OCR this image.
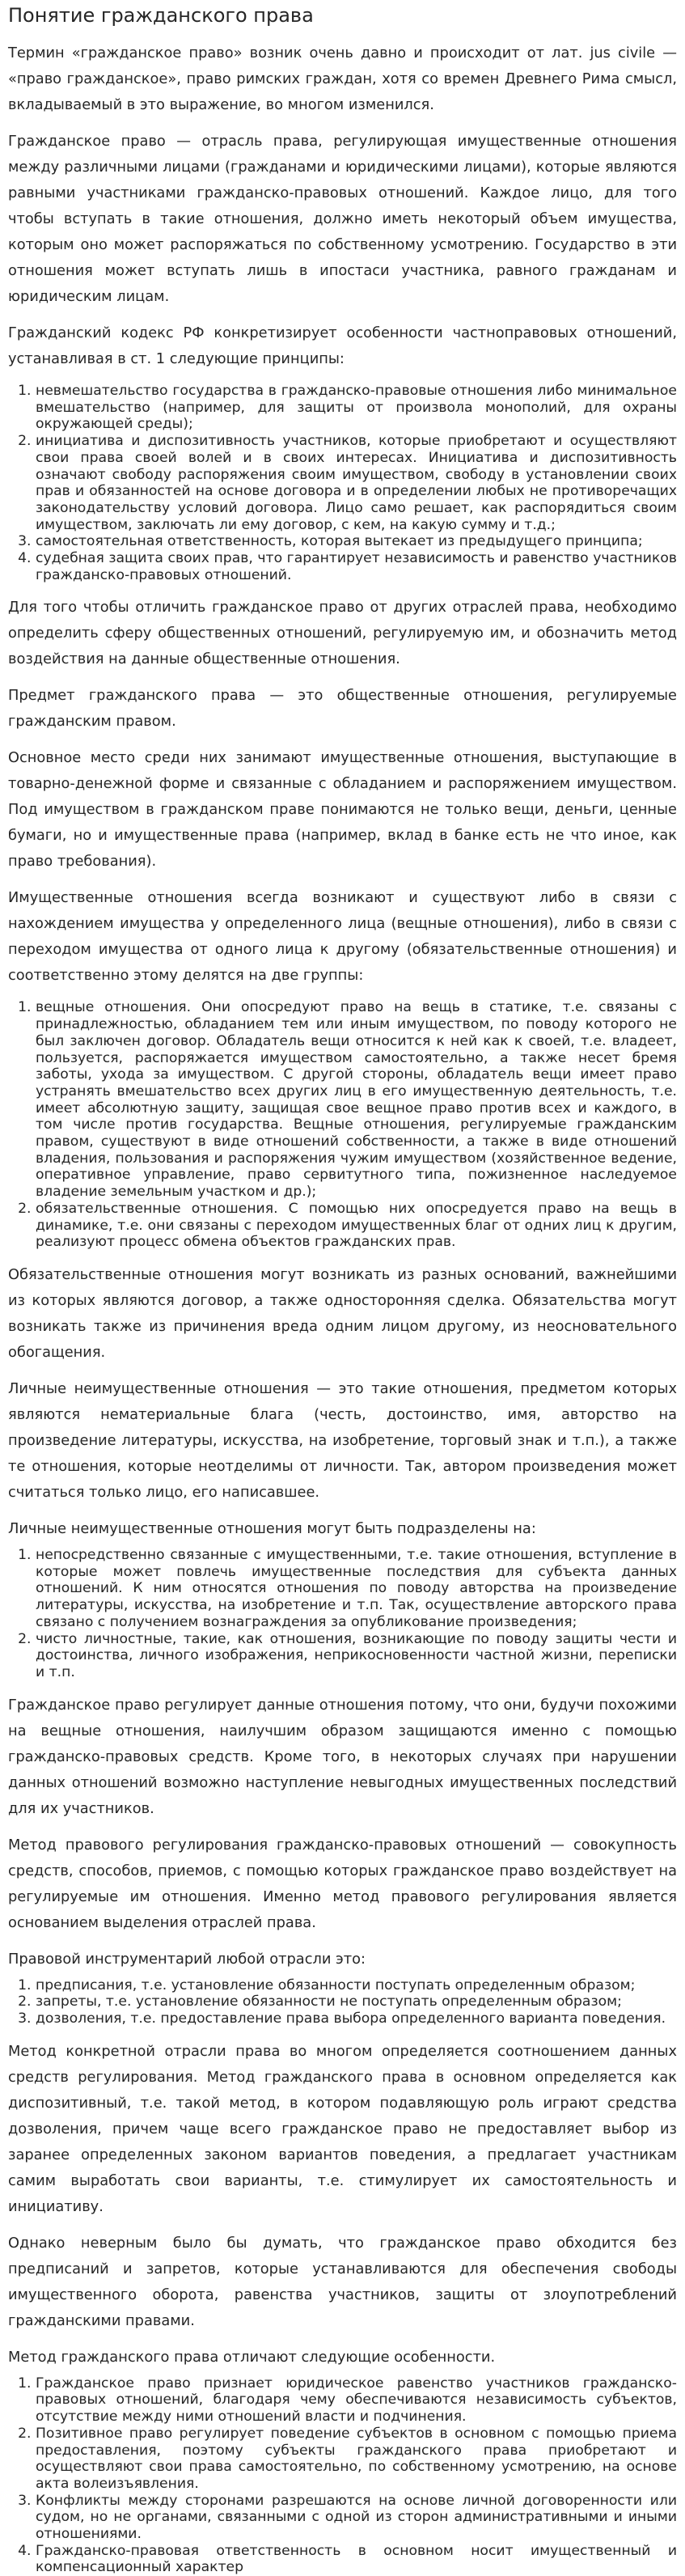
Понятие гражданского права

Термин «гражданское право» возник очень давно и происходит от лат. jus civile — «право гражданское», право римских граждан, хотя со времен Древнего Рима смысл, вкладываемый в это выражение, во многом изменился.

Гражданское право — отрасль права, регулирующая имущественные отношения между различными лицами (гражданами и юридическими лицами), которые являются равными участниками гражданско-правовых отношений. Каждое лицо, для того чтобы вступать в такие отношения, должно иметь некоторый объем имущества, которым оно может распоряжаться по собственному усмотрению. Государство в эти отношения может вступать лишь в ипостаси участника, равного гражданам и юридическим лицам.

Гражданский кодекс РФ конкретизирует особенности частноправовых отношений, устанавливая в ст. 1 следующие принципы:

1. невмешательство государства в гражданско-правовые отношения либо минимальное вмешательство (например, для защиты от произвола монополий, для охраны окружающей среды);
2. инициатива и диспозитивность участников, которые приобретают и осуществляют свои права своей волей и в своих интересах. Инициатива и диспозитивность означают свободу распоряжения своим имуществом, свободу в установлении своих прав и обязанностей на основе договора и в определении любых не противоречащих законодательству условий договора. Лицо само решает, как распорядиться своим имуществом, заключать ли ему договор, с кем, на какую сумму и т.д.;
3. самостоятельная ответственность, которая вытекает из предыдущего принципа;
4. судебная защита своих прав, что гарантирует независимость и равенство участников гражданско-правовых отношений.

Для того чтобы отличить гражданское право от других отраслей права, необходимо определить сферу общественных отношений, регулируемую им, и обозначить метод воздействия на данные общественные отношения.

Предмет гражданского права — это общественные отношения, регулируемые гражданским правом.

Основное место среди них занимают имущественные отношения, выступающие в товарно-денежной форме и связанные с обладанием и распоряжением имуществом. Под имуществом в гражданском праве понимаются не только вещи, деньги, ценные бумаги, но и имущественные права (например, вклад в банке есть не что иное, как право требования).

Имущественные отношения всегда возникают и существуют либо в связи с нахождением имущества у определенного лица (вещные отношения), либо в связи с переходом имущества от одного лица к другому (обязательственные отношения) и соответственно этому делятся на две группы:

1. вещные отношения. Они опосредуют право на вещь в статике, т.е. связаны с принадлежностью, обладанием тем или иным имуществом, по поводу которого не был заключен договор. Обладатель вещи относится к ней как к своей, т.е. владеет, пользуется, распоряжается имуществом самостоятельно, а также несет бремя заботы, ухода за имуществом. С другой стороны, обладатель вещи имеет право устранять вмешательство всех других лиц в его имущественную деятельность, т.е. имеет абсолютную защиту, защищая свое вещное право против всех и каждого, в том числе против государства. Вещные отношения, регулируемые гражданским правом, существуют в виде отношений собственности, а также в виде отношений владения, пользования и распоряжения чужим имуществом (хозяйственное ведение, оперативное управление, право сервитутного типа, пожизненное наследуемое владение земельным участком и др.);
2. обязательственные отношения. С помощью них опосредуется право на вещь в динамике, т.е. они связаны с переходом имущественных благ от одних лиц к другим, реализуют процесс обмена объектов гражданских прав.

Обязательственные отношения могут возникать из разных оснований, важнейшими из которых являются договор, а также односторонняя сделка. Обязательства могут возникать также из причинения вреда одним лицом другому, из неосновательного обогащения.

Личные неимущественные отношения — это такие отношения, предметом которых являются нематериальные блага (честь, достоинство, имя, авторство на произведение литературы, искусства, на изобретение, торговый знак и т.п.), а также те отношения, которые неотделимы от личности. Так, автором произведения может считаться только лицо, его написавшее.

Личные неимущественные отношения могут быть подразделены на:

1. непосредственно связанные с имущественными, т.е. такие отношения, вступление в которые может повлечь имущественные последствия для субъекта данных отношений. К ним относятся отношения по поводу авторства на произведение литературы, искусства, на изобретение и т.п. Так, осуществление авторского права связано с получением вознаграждения за опубликование произведения;
2. чисто личностные, такие, как отношения, возникающие по поводу защиты чести и достоинства, личного изображения, неприкосновенности частной жизни, переписки и т.п.

Гражданское право регулирует данные отношения потому, что они, будучи похожими на вещные отношения, наилучшим образом защищаются именно с помощью гражданско-правовых средств. Кроме того, в некоторых случаях при нарушении данных отношений возможно наступление невыгодных имущественных последствий для их участников.

Метод правового регулирования гражданско-правовых отношений — совокупность средств, способов, приемов, с помощью которых гражданское право воздействует на регулируемые им отношения. Именно метод правового регулирования является основанием выделения отраслей права.

Правовой инструментарий любой отрасли это:

1. предписания, т.е. установление обязанности поступать определенным образом;
2. запреты, т.е. установление обязанности не поступать определенным образом;
3. дозволения, т.е. предоставление права выбора определенного варианта поведения.

Метод конкретной отрасли права во многом определяется соотношением данных средств регулирования. Метод гражданского права в основном определяется как диспозитивный, т.е. такой метод, в котором подавляющую роль играют средства дозволения, причем чаще всего гражданское право не предоставляет выбор из заранее определенных законом вариантов поведения, а предлагает участникам самим выработать свои варианты, т.е. стимулирует их самостоятельность и инициативу.

Однако неверным было бы думать, что гражданское право обходится без предписаний и запретов, которые устанавливаются для обеспечения свободы имущественного оборота, равенства участников, защиты от злоупотреблений гражданскими правами.

Метод гражданского права отличают следующие особенности.

1. Гражданское право признает юридическое равенство участников гражданско-правовых отношений, благодаря чему обеспечиваются независимость субъектов, отсутствие между ними отношений власти и подчинения.
2. Позитивное право регулирует поведение субъектов в основном с помощью приема предоставления, поэтому субъекты гражданского права приобретают и осуществляют свои права самостоятельно, по собственному усмотрению, на основе акта волеизъявления.
3. Конфликты между сторонами разрешаются на основе личной договоренности или судом, но не органами, связанными с одной из сторон административными и иными отношениями.
4. Гражданско-правовая ответственность в основном носит имущественный и компенсационный характер
